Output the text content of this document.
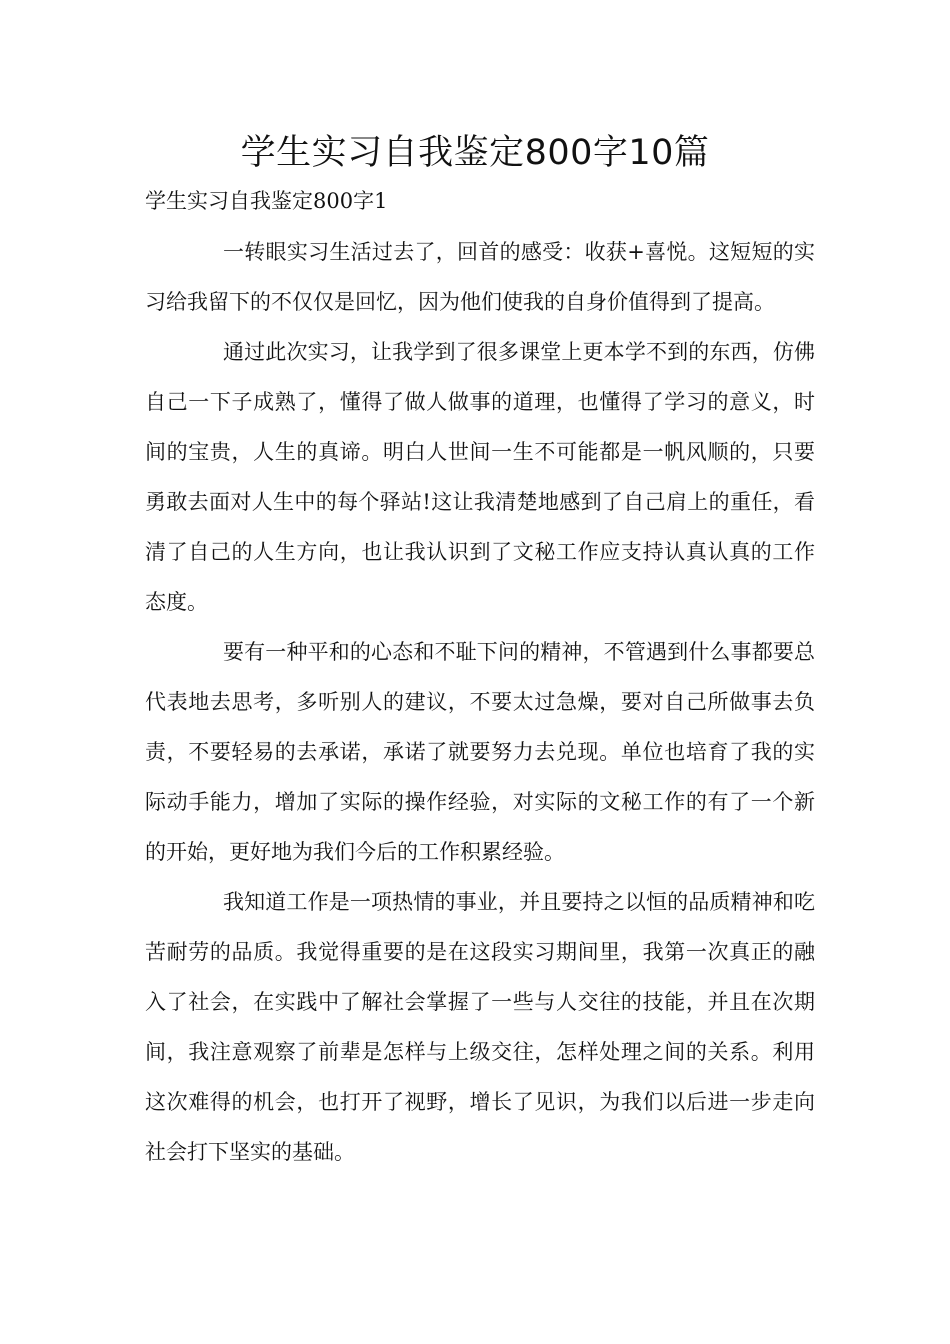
学生实习自我鉴定800字10篇

学生实习自我鉴定800字1

一转眼实习生活过去了，回首的感受：收获+喜悦。这短短的实习给我留下的不仅仅是回忆，因为他们使我的自身价值得到了提高。

通过此次实习，让我学到了很多课堂上更本学不到的东西，仿佛自己一下子成熟了，懂得了做人做事的道理，也懂得了学习的意义，时间的宝贵，人生的真谛。明白人世间一生不可能都是一帆风顺的，只要勇敢去面对人生中的每个驿站!这让我清楚地感到了自己肩上的重任，看清了自己的人生方向，也让我认识到了文秘工作应支持认真认真的工作态度。

要有一种平和的心态和不耻下问的精神，不管遇到什么事都要总代表地去思考，多听别人的建议，不要太过急燥，要对自己所做事去负责，不要轻易的去承诺，承诺了就要努力去兑现。单位也培育了我的实际动手能力，增加了实际的操作经验，对实际的文秘工作的有了一个新的开始，更好地为我们今后的工作积累经验。

我知道工作是一项热情的事业，并且要持之以恒的品质精神和吃苦耐劳的品质。我觉得重要的是在这段实习期间里，我第一次真正的融入了社会，在实践中了解社会掌握了一些与人交往的技能，并且在次期间，我注意观察了前辈是怎样与上级交往，怎样处理之间的关系。利用这次难得的机会，也打开了视野，增长了见识，为我们以后进一步走向社会打下坚实的基础。
